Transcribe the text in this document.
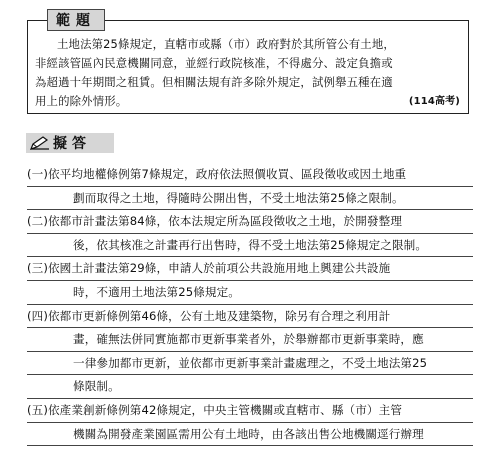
範題
土地法第25條規定，直轄市或縣（市）政府對於其所管公有土地，
非經該管區內民意機關同意，並經行政院核准，不得處分、設定負擔或
為超過十年期間之租賃。但相關法規有許多除外規定，試例舉五種在適
用上的除外情形。	(114高考)
擬答
(一)依平均地權條例第7條規定，政府依法照價收買、區段徵收或因土地重
劃而取得之土地，得隨時公開出售，不受土地法第25條之限制。
(二)依都市計畫法第84條，依本法規定所為區段徵收之土地，於開發整理
後，依其核准之計畫再行出售時，得不受土地法第25條規定之限制。
(三)依國土計畫法第29條，申請人於前項公共設施用地上興建公共設施
時，不適用土地法第25條規定。
(四)依都市更新條例第46條，公有土地及建築物，除另有合理之利用計
畫，確無法併同實施都市更新事業者外，於舉辦都市更新事業時，應
一律參加都市更新，並依都市更新事業計畫處理之，不受土地法第25
條限制。
(五)依產業創新條例第42條規定，中央主管機關或直轄市、縣（市）主管
機關為開發產業園區需用公有土地時，由各該出售公地機關逕行辦理
